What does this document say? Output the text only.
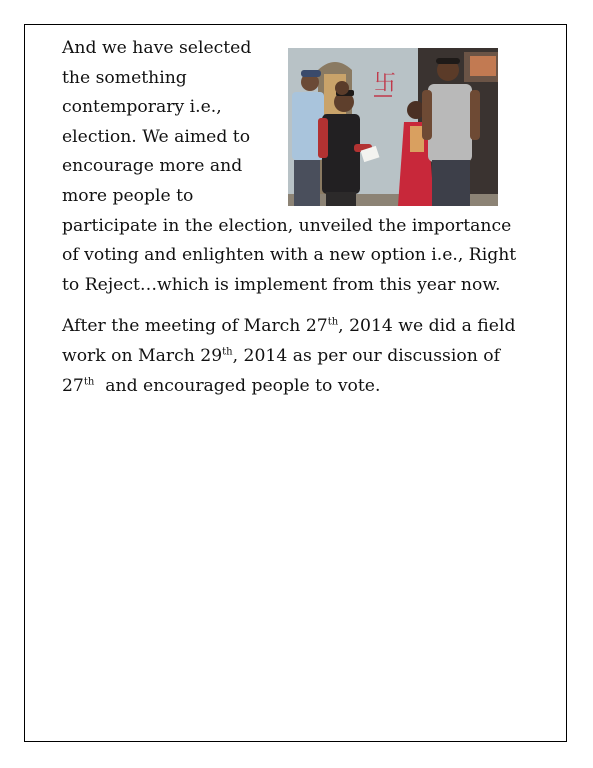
卐

And we have selected the something contemporary i.e., election. We aimed to encourage more and more people to participate in the election, unveiled the importance of voting and enlighten with a new option i.e., Right to Reject…which is implement from this year now.

After the meeting of March 27th, 2014 we did a field work on March 29th, 2014 as per our discussion of 27th  and encouraged people to vote.
